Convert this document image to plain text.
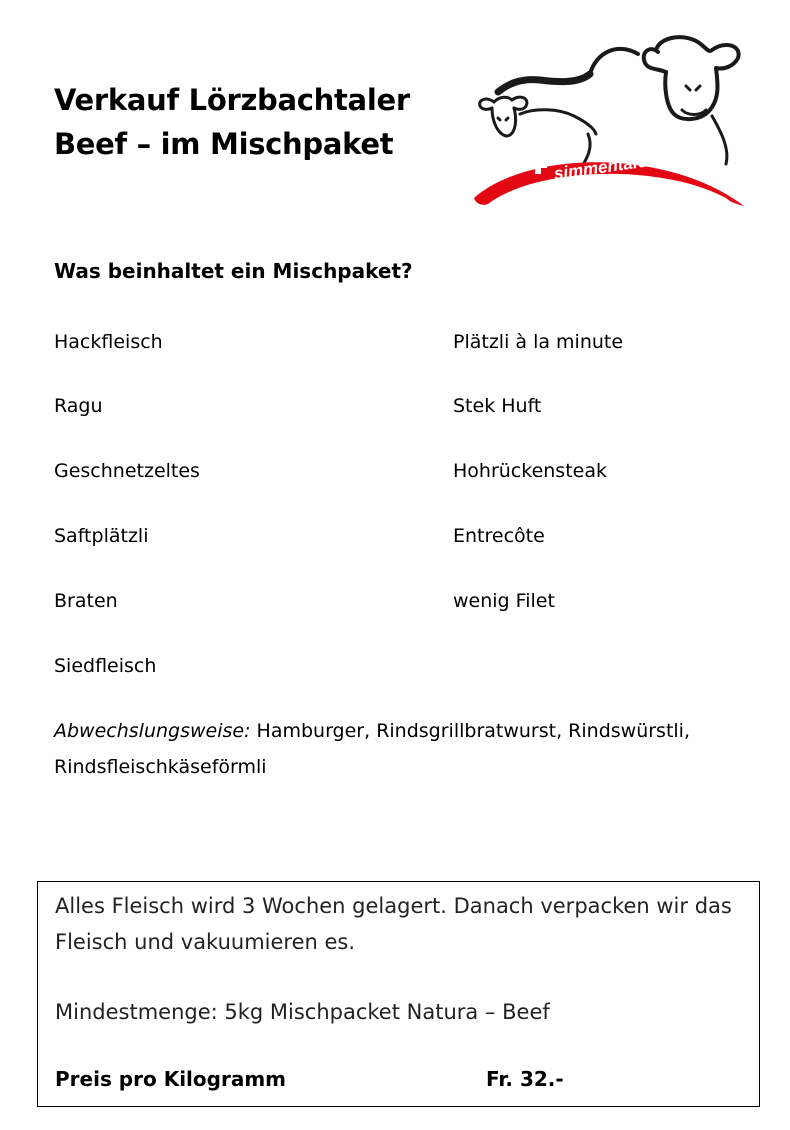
Verkauf Lörzbachtaler
Beef – im Mischpaket
simmentaler.ch
Was beinhaltet ein Mischpaket?
Hackfleisch
Ragu
Geschnetzeltes
Saftplätzli
Braten
Siedfleisch
Plätzli à la minute
Stek Huft
Hohrückensteak
Entrecôte
wenig Filet
Abwechslungsweise: Hamburger, Rindsgrillbratwurst, Rindswürstli, Rindsfleischkäseförmli
Alles Fleisch wird 3 Wochen gelagert. Danach verpacken wir das Fleisch und vakuumieren es.
Mindestmenge: 5kg Mischpacket Natura – Beef
Preis pro Kilogramm	Fr. 32.-
